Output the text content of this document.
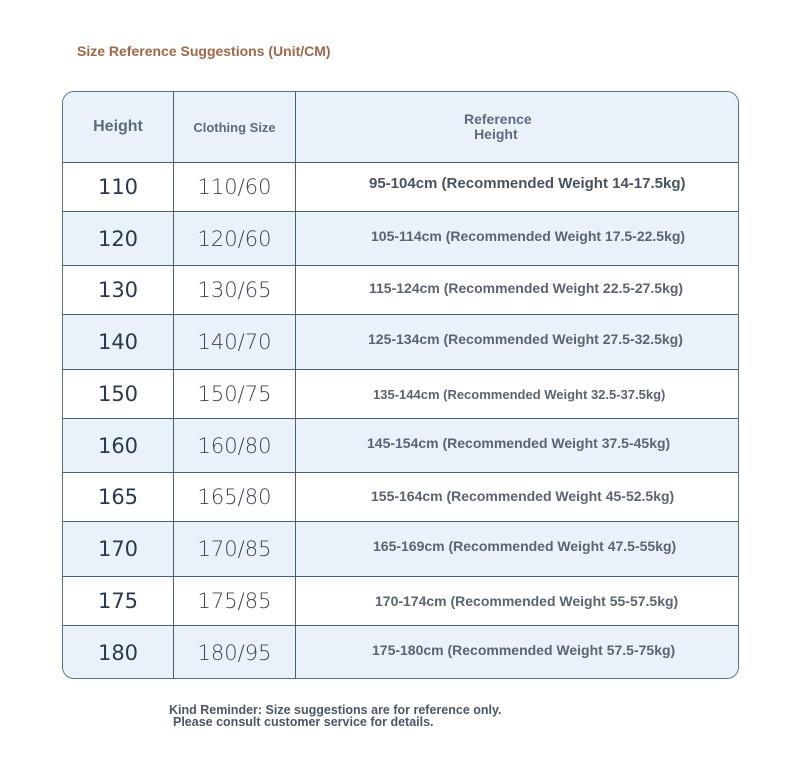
Size Reference Suggestions (Unit/CM)
Height	Clothing Size	Reference
Height
110	110/60	95-104cm (Recommended Weight 14-17.5kg)
120	120/60	105-114cm (Recommended Weight 17.5-22.5kg)
130	130/65	115-124cm (Recommended Weight 22.5-27.5kg)
140	140/70	125-134cm (Recommended Weight 27.5-32.5kg)
150	150/75	135-144cm (Recommended Weight 32.5-37.5kg)
160	160/80	145-154cm (Recommended Weight 37.5-45kg)
165	165/80	155-164cm (Recommended Weight 45-52.5kg)
170	170/85	165-169cm (Recommended Weight 47.5-55kg)
175	175/85	170-174cm (Recommended Weight 55-57.5kg)
180	180/95	175-180cm (Recommended Weight 57.5-75kg)
Kind Reminder: Size suggestions are for reference only.
Please consult customer service for details.
